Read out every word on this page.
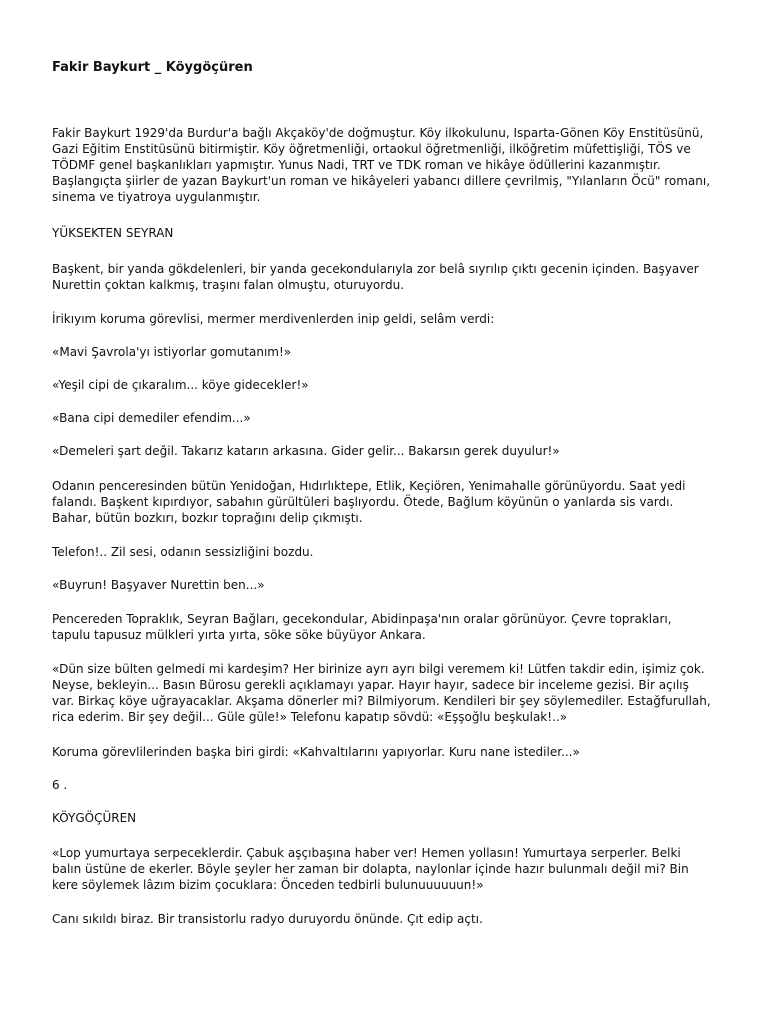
Fakir Baykurt _ Köygöçüren
Fakir Baykurt 1929'da Burdur'a bağlı Akçaköy'de doğmuştur. Köy ilkokulunu, Isparta-Gönen Köy Enstitüsünü,
Gazi Eğitim Enstitüsünü bitirmiştir. Köy öğretmenliği, ortaokul öğretmenliği, ilköğretim müfettişliği, TÖS ve
TÖDMF genel başkanlıkları yapmıştır. Yunus Nadi, TRT ve TDK roman ve hikâye ödüllerini kazanmıştır.
Başlangıçta şiirler de yazan Baykurt'un roman ve hikâyeleri yabancı dillere çevrilmiş, "Yılanların Öcü" romanı,
sinema ve tiyatroya uygulanmıştır.
YÜKSEKTEN SEYRAN
Başkent, bir yanda gökdelenleri, bir yanda gecekondularıyla zor belâ sıyrılıp çıktı gecenin içinden. Başyaver
Nurettin çoktan kalkmış, traşını falan olmuştu, oturuyordu.
İrikıyım koruma görevlisi, mermer merdivenlerden inip geldi, selâm verdi:
«Mavi Şavrola'yı istiyorlar gomutanım!»
«Yeşil cipi de çıkaralım... köye gidecekler!»
«Bana cipi demediler efendim...»
«Demeleri şart değil. Takarız katarın arkasına. Gider gelir... Bakarsın gerek duyulur!»
Odanın penceresinden bütün Yenidoğan, Hıdırlıktepe, Etlik, Keçiören, Yenimahalle görünüyordu. Saat yedi
falandı. Başkent kıpırdıyor, sabahın gürültüleri başlıyordu. Ötede, Bağlum köyünün o yanlarda sis vardı.
Bahar, bütün bozkırı, bozkır toprağını delip çıkmıştı.
Telefon!.. Zil sesi, odanın sessizliğini bozdu.
«Buyrun! Başyaver Nurettin ben...»
Pencereden Topraklık, Seyran Bağları, gecekondular, Abidinpaşa'nın oralar görünüyor. Çevre toprakları,
tapulu tapusuz mülkleri yırta yırta, söke söke büyüyor Ankara.
«Dün size bülten gelmedi mi kardeşim? Her birinize ayrı ayrı bilgi veremem ki! Lütfen takdir edin, işimiz çok.
Neyse, bekleyin... Basın Bürosu gerekli açıklamayı yapar. Hayır hayır, sadece bir inceleme gezisi. Bir açılış
var. Birkaç köye uğrayacaklar. Akşama dönerler mi? Bilmiyorum. Kendileri bir şey söylemediler. Estağfurullah,
rica ederim. Bir şey değil... Güle güle!» Telefonu kapatıp sövdü: «Eşşoğlu beşkulak!..»
Koruma görevlilerinden başka biri girdi: «Kahvaltılarını yapıyorlar. Kuru nane istediler...»
6 .
KÖYGÖÇÜREN
«Lop yumurtaya serpeceklerdir. Çabuk aşçıbaşına haber ver! Hemen yollasın! Yumurtaya serperler. Belki
balın üstüne de ekerler. Böyle şeyler her zaman bir dolapta, naylonlar içinde hazır bulunmalı değil mi? Bin
kere söylemek lâzım bizim çocuklara: Önceden tedbirli bulunuuuuuun!»
Canı sıkıldı biraz. Bir transistorlu radyo duruyordu önünde. Çıt edip açtı.
